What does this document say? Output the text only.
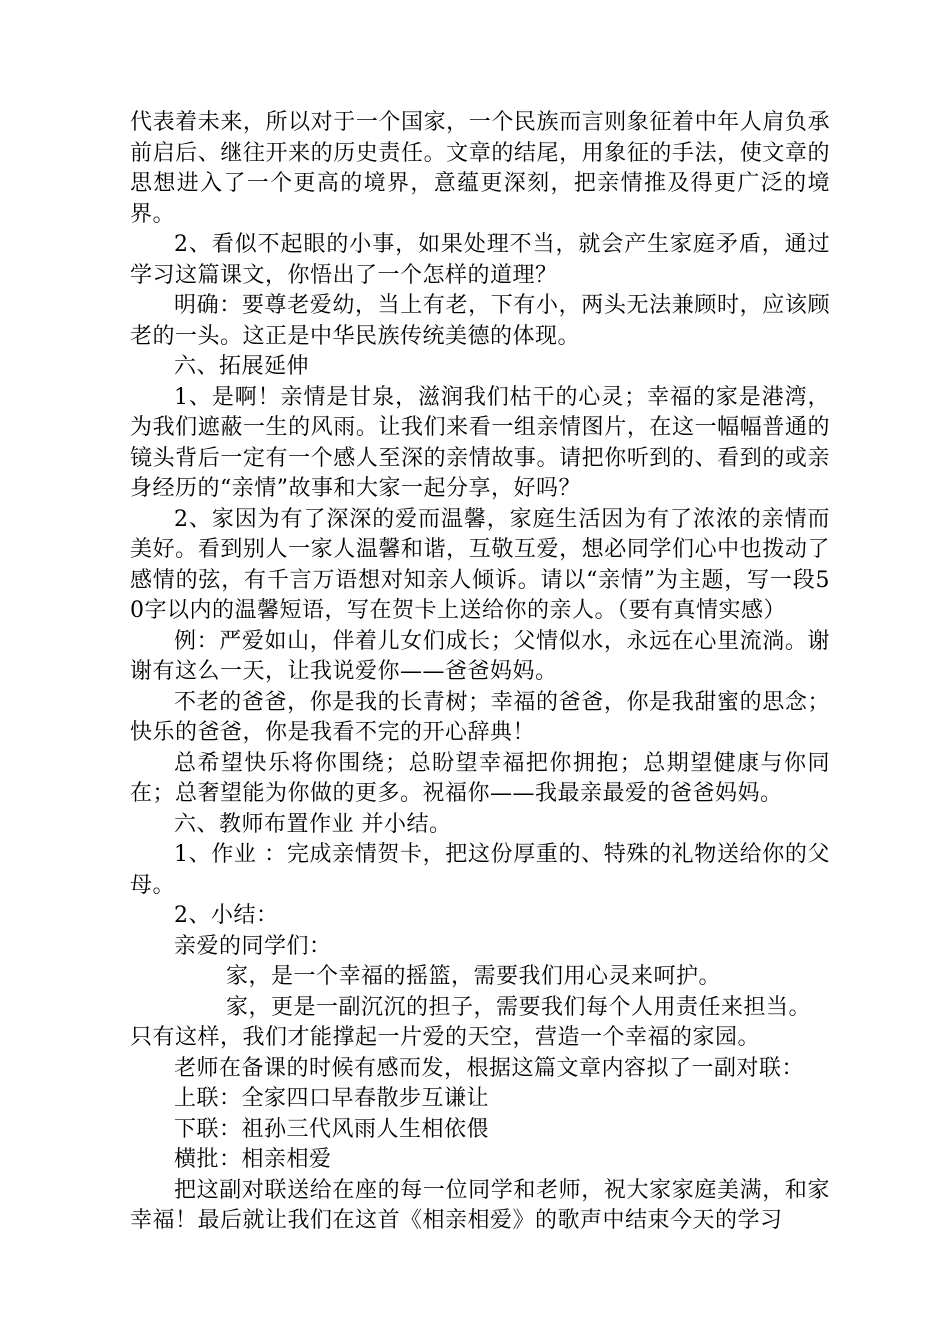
代表着未来，所以对于一个国家，一个民族而言则象征着中年人肩负承前启后、继往开来的历史责任。文章的结尾，用象征的手法，使文章的思想进入了一个更高的境界，意蕴更深刻，把亲情推及得更广泛的境界。

2、看似不起眼的小事，如果处理不当，就会产生家庭矛盾，通过学习这篇课文，你悟出了一个怎样的道理？

明确：要尊老爱幼，当上有老，下有小，两头无法兼顾时，应该顾老的一头。这正是中华民族传统美德的体现。

六、拓展延伸

1、是啊！亲情是甘泉，滋润我们枯干的心灵；幸福的家是港湾，为我们遮蔽一生的风雨。让我们来看一组亲情图片，在这一幅幅普通的镜头背后一定有一个感人至深的亲情故事。请把你听到的、看到的或亲身经历的“亲情”故事和大家一起分享，好吗？

2、家因为有了深深的爱而温馨，家庭生活因为有了浓浓的亲情而美好。看到别人一家人温馨和谐，互敬互爱，想必同学们心中也拨动了感情的弦，有千言万语想对知亲人倾诉。请以“亲情”为主题，写一段50字以内的温馨短语，写在贺卡上送给你的亲人。（要有真情实感）

例：严爱如山，伴着儿女们成长；父情似水，永远在心里流淌。谢谢有这么一天，让我说爱你——爸爸妈妈。

不老的爸爸，你是我的长青树；幸福的爸爸，你是我甜蜜的思念；快乐的爸爸，你是我看不完的开心辞典！

总希望快乐将你围绕；总盼望幸福把你拥抱；总期望健康与你同在；总奢望能为你做的更多。祝福你——我最亲最爱的爸爸妈妈。

六、教师布置作业 并小结。

1、作业 ：完成亲情贺卡，把这份厚重的、特殊的礼物送给你的父母。

2、小结：

亲爱的同学们：

家，是一个幸福的摇篮，需要我们用心灵来呵护。

家，更是一副沉沉的担子，需要我们每个人用责任来担当。

只有这样，我们才能撑起一片爱的天空，营造一个幸福的家园。

老师在备课的时候有感而发，根据这篇文章内容拟了一副对联：

上联：全家四口早春散步互谦让

下联：祖孙三代风雨人生相依偎

横批：相亲相爱

把这副对联送给在座的每一位同学和老师，祝大家家庭美满，和家幸福！最后就让我们在这首《相亲相爱》的歌声中结束今天的学习
